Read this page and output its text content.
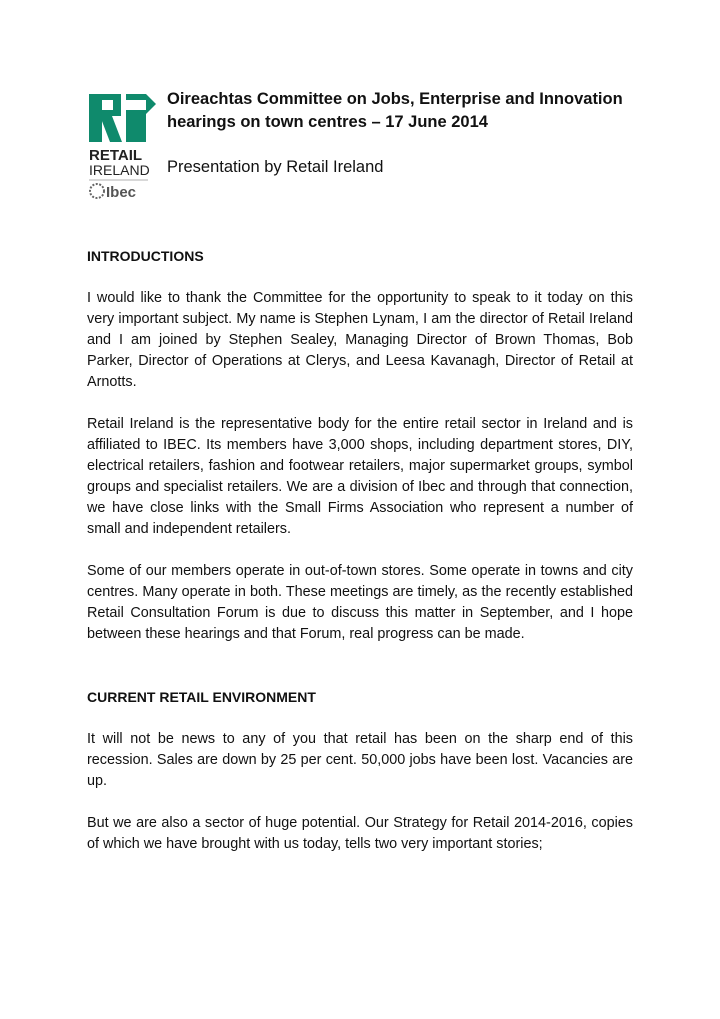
RETAIL
IRELAND
Ibec

Oireachtas Committee on Jobs, Enterprise and Innovation

hearings on town centres – 17 June 2014

Presentation by Retail Ireland

INTRODUCTIONS

I would like to thank the Committee for the opportunity to speak to it today on this very important subject. My name is Stephen Lynam, I am the director of Retail Ireland and I am joined by Stephen Sealey, Managing Director of Brown Thomas, Bob Parker, Director of Operations at Clerys, and Leesa Kavanagh, Director of Retail at Arnotts.

Retail Ireland is the representative body for the entire retail sector in Ireland and is affiliated to IBEC. Its members have 3,000 shops, including department stores, DIY, electrical retailers, fashion and footwear retailers, major supermarket groups, symbol groups and specialist retailers. We are a division of Ibec and through that connection, we have close links with the Small Firms Association who represent a number of small and independent retailers.

Some of our members operate in out-of-town stores. Some operate in towns and city centres. Many operate in both. These meetings are timely, as the recently established Retail Consultation Forum is due to discuss this matter in September, and I hope between these hearings and that Forum, real progress can be made.

CURRENT RETAIL ENVIRONMENT

It will not be news to any of you that retail has been on the sharp end of this recession. Sales are down by 25 per cent. 50,000 jobs have been lost. Vacancies are up.

But we are also a sector of huge potential. Our Strategy for Retail 2014-2016, copies of which we have brought with us today, tells two very important stories;
